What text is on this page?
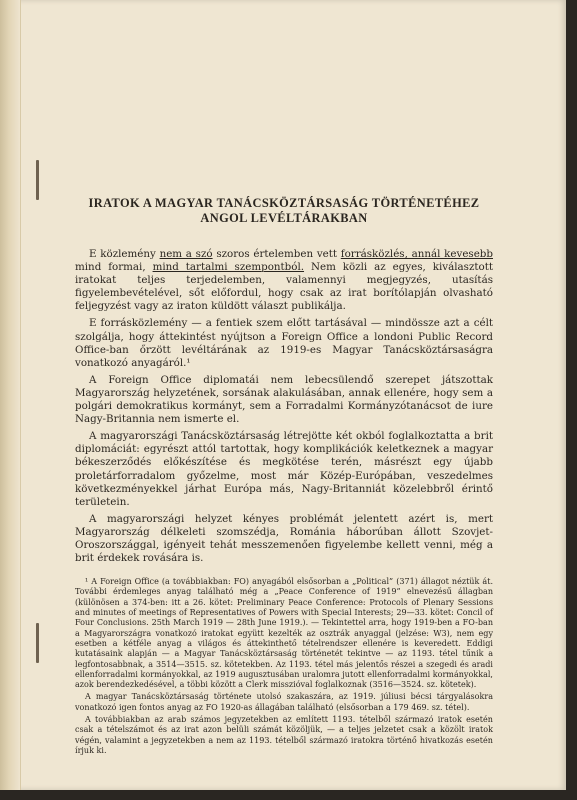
IRATOK A MAGYAR TANÁCSKÖZTÁRSASÁG TÖRTÉNETÉHEZ
ANGOL LEVÉLTÁRAKBAN

E közlemény nem a szó szoros értelemben vett forrásközlés, annál kevesebb mind formai, mind tartalmi szempontból. Nem közli az egyes, kiválasztott iratokat teljes terjedelemben, valamennyi megjegyzés, utasítás figyelembevételével, sőt előfordul, hogy csak az irat borítólapján olvasható feljegyzést vagy az iraton küldött választ publikálja.

E forrásközlemény — a fentiek szem előtt tartásával — mindössze azt a célt szolgálja, hogy áttekintést nyújtson a Foreign Office a londoni Public Record Office-ban őrzött levéltárának az 1919-es Magyar Tanácsköztársaságra vonatkozó anyagáról.¹

A Foreign Office diplomatái nem lebecsülendő szerepet játszottak Magyarország helyzetének, sorsának alakulásában, annak ellenére, hogy sem a polgári demokratikus kormányt, sem a Forradalmi Kormányzótanácsot de iure Nagy-Britannia nem ismerte el.

A magyarországi Tanácsköztársaság létrejötte két okból foglalkoztatta a brit diplomáciát: egyrészt attól tartottak, hogy komplikációk keletkeznek a magyar békeszerződés előkészítése és megkötése terén, másrészt egy újabb proletárforradalom győzelme, most már Közép-Európában, veszedelmes következményekkel járhat Európa más, Nagy-Britanniát közelebbről érintő területein.

A magyarországi helyzet kényes problémát jelentett azért is, mert Magyarország délkeleti szomszédja, Románia háborúban állott Szovjet-Oroszországgal, igényeit tehát messzemenően figyelembe kellett venni, még a brit érdekek rovására is.

¹ A Foreign Office (a továbbiakban: FO) anyagából elsősorban a „Political” (371) állagot néztük át. További érdemleges anyag található még a „Peace Conference of 1919” elnevezésű állagban (különösen a 374-ben: itt a 26. kötet: Preliminary Peace Conference: Protocols of Plenary Sessions and minutes of meetings of Representatives of Powers with Special Interests; 29—33. kötet: Concil of Four Conclusions. 25th March 1919 — 28th June 1919.). — Tekintettel arra, hogy 1919-ben a FO-ban a Magyarországra vonatkozó iratokat együtt kezelték az osztrák anyaggal (jelzése: W3), nem egy esetben a kétféle anyag a világos és áttekinthető tételrendszer ellenére is keveredett. Eddigi kutatásaink alapján — a Magyar Tanácsköztársaság történetét tekintve — az 1193. tétel tűnik a legfontosabbnak, a 3514—3515. sz. kötetekben. Az 1193. tétel más jelentős részei a szegedi és aradi ellenforradalmi kormányokkal, az 1919 augusztusában uralomra jutott ellenforradalmi kormányokkal, azok berendezkedésével, a többi között a Clerk misszióval foglalkoznak (3516—3524. sz. kötetek).

A magyar Tanácsköztársaság története utolsó szakaszára, az 1919. júliusi bécsi tárgyalásokra vonatkozó igen fontos anyag az FO 1920-as állagában található (elsősorban a 179 469. sz. tétel).

A továbbiakban az arab számos jegyzetekben az említett 1193. tételből származó iratok esetén csak a tételszámot és az irat azon belüli számát közöljük, — a teljes jelzetet csak a közölt iratok végén, valamint a jegyzetekben a nem az 1193. tételből származó iratokra történő hivatkozás esetén írjuk ki.
